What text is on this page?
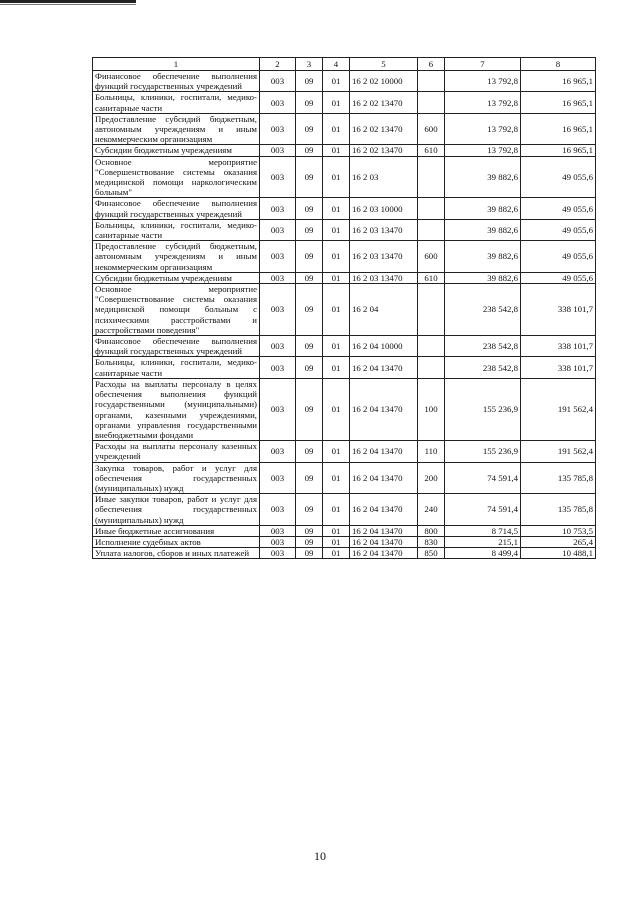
1	2	3	4	5	6	7	8
Финансовое обеспечение выполнения функций государственных учреждений	003	09	01	16 2 02 10000		13 792,8	16 965,1
Больницы, клиники, госпитали, медико-санитарные части	003	09	01	16 2 02 13470		13 792,8	16 965,1
Предоставление субсидий бюджетным, автономным учреждениям и иным некоммерческим организациям	003	09	01	16 2 02 13470	600	13 792,8	16 965,1
Субсидии бюджетным учреждениям	003	09	01	16 2 02 13470	610	13 792,8	16 965,1
Основное мероприятие "Совершенствование системы оказания медицинской помощи наркологическим больным"	003	09	01	16 2 03		39 882,6	49 055,6
Финансовое обеспечение выполнения функций государственных учреждений	003	09	01	16 2 03 10000		39 882,6	49 055,6
Больницы, клиники, госпитали, медико-санитарные части	003	09	01	16 2 03 13470		39 882,6	49 055,6
Предоставление субсидий бюджетным, автономным учреждениям и иным некоммерческим организациям	003	09	01	16 2 03 13470	600	39 882,6	49 055,6
Субсидии бюджетным учреждениям	003	09	01	16 2 03 13470	610	39 882,6	49 055,6
Основное мероприятие "Совершенствование системы оказания медицинской помощи больным с психическими расстройствами и расстройствами поведения"	003	09	01	16 2 04		238 542,8	338 101,7
Финансовое обеспечение выполнения функций государственных учреждений	003	09	01	16 2 04 10000		238 542,8	338 101,7
Больницы, клиники, госпитали, медико-санитарные части	003	09	01	16 2 04 13470		238 542,8	338 101,7
Расходы на выплаты персоналу в целях обеспечения выполнения функций государственными (муниципальными) органами, казенными учреждениями, органами управления государственными внебюджетными фондами	003	09	01	16 2 04 13470	100	155 236,9	191 562,4
Расходы на выплаты персоналу казенных учреждений	003	09	01	16 2 04 13470	110	155 236,9	191 562,4
Закупка товаров, работ и услуг для обеспечения государственных (муниципальных) нужд	003	09	01	16 2 04 13470	200	74 591,4	135 785,8
Иные закупки товаров, работ и услуг для обеспечения государственных (муниципальных) нужд	003	09	01	16 2 04 13470	240	74 591,4	135 785,8
Иные бюджетные ассигнования	003	09	01	16 2 04 13470	800	8 714,5	10 753,5
Исполнение судебных актов	003	09	01	16 2 04 13470	830	215,1	265,4
Уплата налогов, сборов и иных платежей	003	09	01	16 2 04 13470	850	8 499,4	10 488,1
10
